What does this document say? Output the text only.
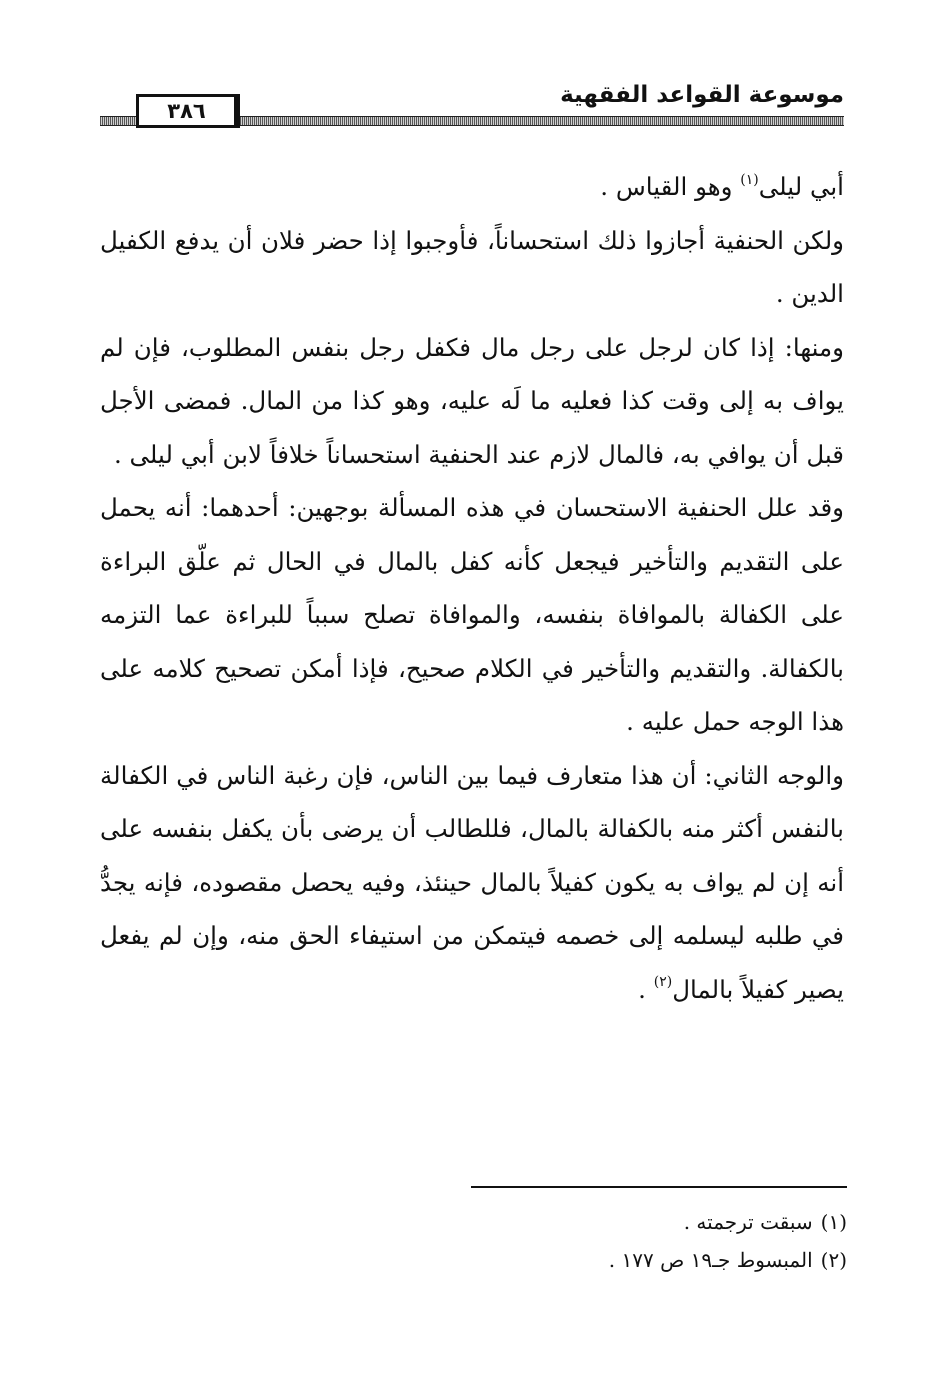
موسوعة القواعد الفقهية
٣٨٦

أبي ليلى$^{(١)}$ وهو القياس .

ولكن الحنفية أجازوا ذلك استحساناً، فأوجبوا إذا حضر فلان أن يدفع الكفيل الدين .

ومنها: إذا كان لرجل على رجل مال فكفل رجل بنفس المطلوب، فإن لم يواف به إلى وقت كذا فعليه ما لَه عليه، وهو كذا من المال. فمضى الأجل قبل أن يوافي به، فالمال لازم عند الحنفية استحساناً خلافاً لابن أبي ليلى .

وقد علل الحنفية الاستحسان في هذه المسألة بوجهين: أحدهما: أنه يحمل على التقديم والتأخير فيجعل كأنه كفل بالمال في الحال ثم علّق البراءة على الكفالة بالموافاة بنفسه، والموافاة تصلح سبباً للبراءة عما التزمه بالكفالة. والتقديم والتأخير في الكلام صحيح، فإذا أمكن تصحيح كلامه على هذا الوجه حمل عليه .

والوجه الثاني: أن هذا متعارف فيما بين الناس، فإن رغبة الناس في الكفالة بالنفس أكثر منه بالكفالة بالمال، فللطالب أن يرضى بأن يكفل بنفسه على أنه إن لم يواف به يكون كفيلاً بالمال حينئذ، وفيه يحصل مقصوده، فإنه يجدُّ في طلبه ليسلمه إلى خصمه فيتمكن من استيفاء الحق منه، وإن لم يفعل يصير كفيلاً بالمال$^{(٢)}$ .

(١)سبقت ترجمته .
(٢)المبسوط جـ١٩ ص ١٧٧ .
